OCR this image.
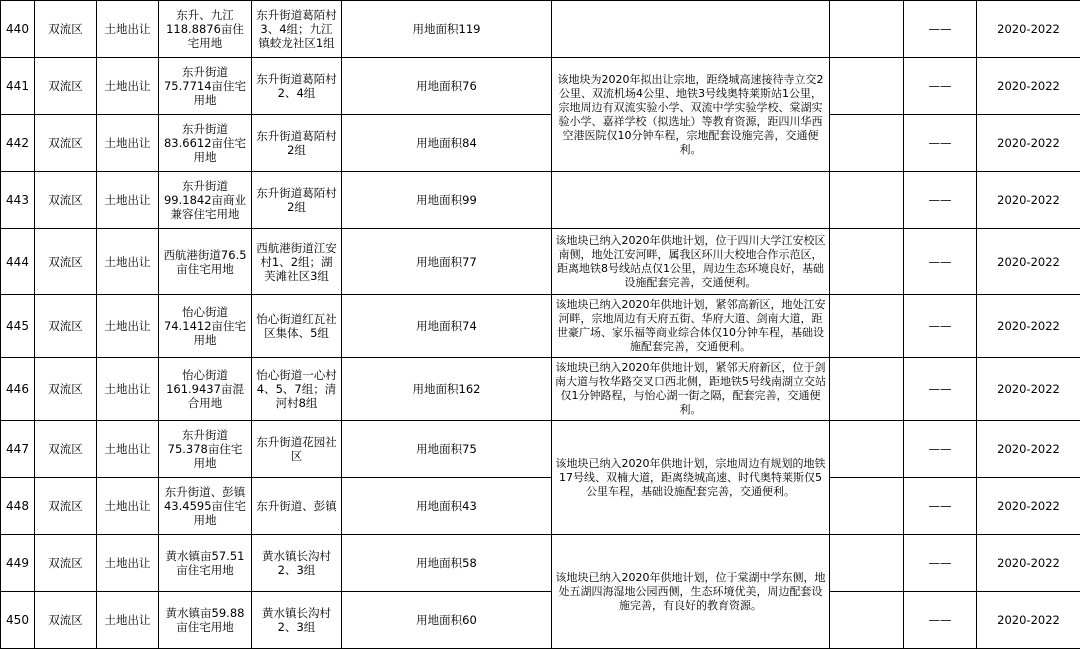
440	双流区	土地出让	东升、九江118.8876亩住宅用地	东升街道葛陌村3、4组；九江镇蛟龙社区1组	用地面积119			——	2020-2022	

441	双流区	土地出让	东升街道75.7714亩住宅用地	东升街道葛陌村2、4组	用地面积76	该地块为2020年拟出让宗地，距绕城高速接待寺立交2公里、双流机场4公里、地铁3号线奥特莱斯站1公里，宗地周边有双流实验小学、双流中学实验学校、棠湖实验小学、嘉祥学校（拟选址）等教育资源，距四川华西空港医院仅10分钟车程，宗地配套设施完善，交通便利。		——	2020-2022	

442	双流区	土地出让	东升街道83.6612亩住宅用地	东升街道葛陌村2组	用地面积84			——	2020-2022	

443	双流区	土地出让	东升街道99.1842亩商业兼容住宅用地	东升街道葛陌村2组	用地面积99			——	2020-2022	

444	双流区	土地出让	西航港街道76.5亩住宅用地	西航港街道江安村1、2组；湖芙滩社区3组	用地面积77	该地块已纳入2020年供地计划，位于四川大学江安校区南侧，地处江安河畔，属我区环川大校地合作示范区，距离地铁8号线站点仅1公里，周边生态环境良好，基础设施配套完善，交通便利。		——	2020-2022	

445	双流区	土地出让	怡心街道74.1412亩住宅用地	怡心街道红瓦社区集体、5组	用地面积74	该地块已纳入2020年供地计划，紧邻高新区，地处江安河畔，宗地周边有天府五街、华府大道、剑南大道，距世豪广场、家乐福等商业综合体仅10分钟车程，基础设施配套完善，交通便利。		——	2020-2022	

446	双流区	土地出让	怡心街道161.9437亩混合用地	怡心街道一心村4、5、7组；清河村8组	用地面积162	该地块已纳入2020年供地计划，紧邻天府新区，位于剑南大道与牧华路交叉口西北侧，距地铁5号线南湖立交站仅1分钟路程，与怡心湖一街之隔，配套完善，交通便利。		——	2020-2022	

447	双流区	土地出让	东升街道75.378亩住宅用地	东升街道花园社区	用地面积75	该地块已纳入2020年供地计划，宗地周边有规划的地铁17号线、双楠大道，距离绕城高速、时代奥特莱斯仅5公里车程，基础设施配套完善，交通便利。		——	2020-2022	

448	双流区	土地出让	东升街道、彭镇43.4595亩住宅用地	东升街道、彭镇	用地面积43			——	2020-2022	

449	双流区	土地出让	黄水镇亩57.51亩住宅用地	黄水镇长沟村2、3组	用地面积58	该地块已纳入2020年供地计划，位于棠湖中学东侧，地处五湖四海湿地公园西侧，生态环境优美，周边配套设施完善，有良好的教育资源。		——	2020-2022	

450	双流区	土地出让	黄水镇亩59.88亩住宅用地	黄水镇长沟村2、3组	用地面积60			——	2020-2022	
